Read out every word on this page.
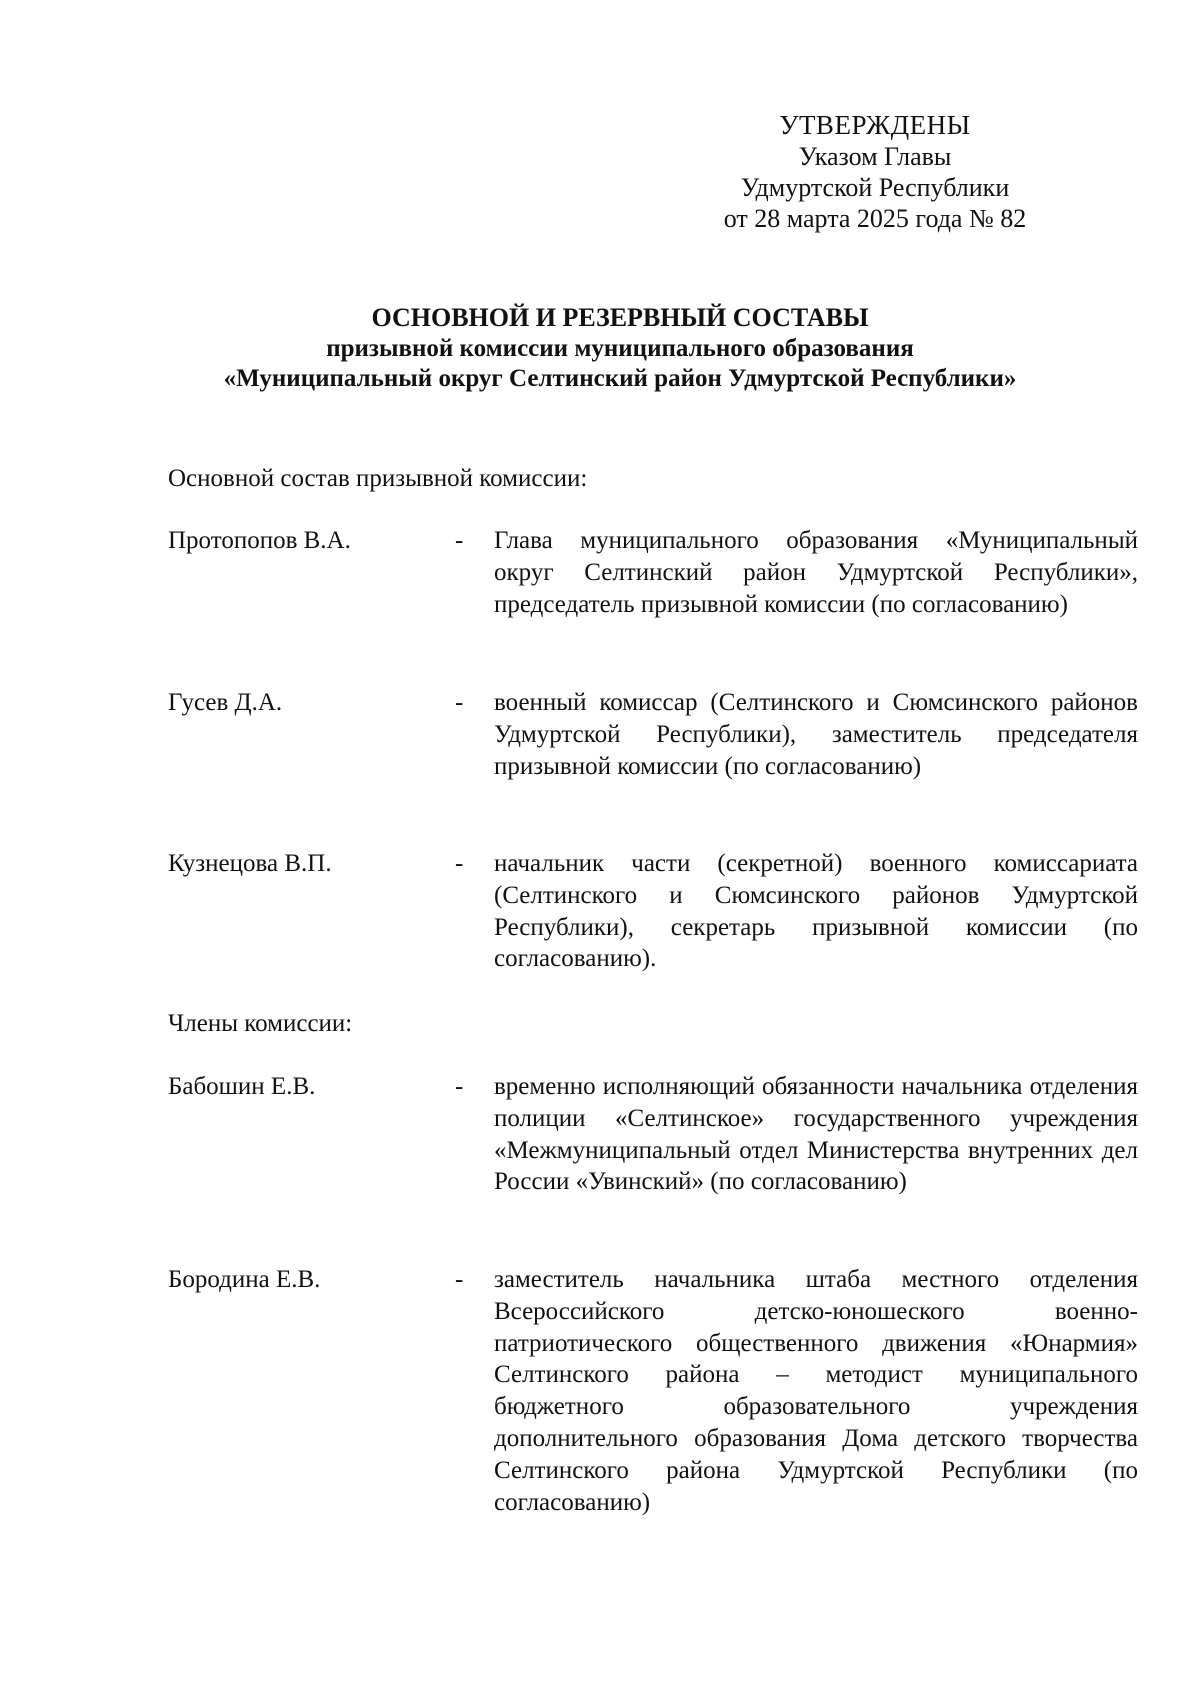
УТВЕРЖДЕНЫ
Указом Главы
Удмуртской Республики
от 28 марта 2025 года № 82
ОСНОВНОЙ И РЕЗЕРВНЫЙ СОСТАВЫ
призывной комиссии муниципального образования
«Муниципальный округ Селтинский район Удмуртской Республики»
Основной состав призывной комиссии:
Протопопов В.А.	-	Глава муниципального образования «Муниципальный округ Селтинский район Удмуртской Республики», председатель призывной комиссии (по согласованию)
Гусев Д.А.	-	военный комиссар (Селтинского и Сюмсинского районов Удмуртской Республики), заместитель председателя призывной комиссии (по согласованию)
Кузнецова В.П.	-	начальник части (секретной) военного комиссариата (Селтинского и Сюмсинского районов Удмуртской Республики), секретарь призывной комиссии (по согласованию).
Члены комиссии:
Бабошин Е.В.	-	временно исполняющий обязанности начальника отделения полиции «Селтинское» государственного учреждения «Межмуниципальный отдел Министерства внутренних дел России «Увинский» (по согласованию)
Бородина Е.В.	-	заместитель начальника штаба местного отделения Всероссийского детско-юношеского военно-патриотического общественного движения «Юнармия» Селтинского района – методист муниципального бюджетного образовательного учреждения дополнительного образования Дома детского творчества Селтинского района Удмуртской Республики (по согласованию)
